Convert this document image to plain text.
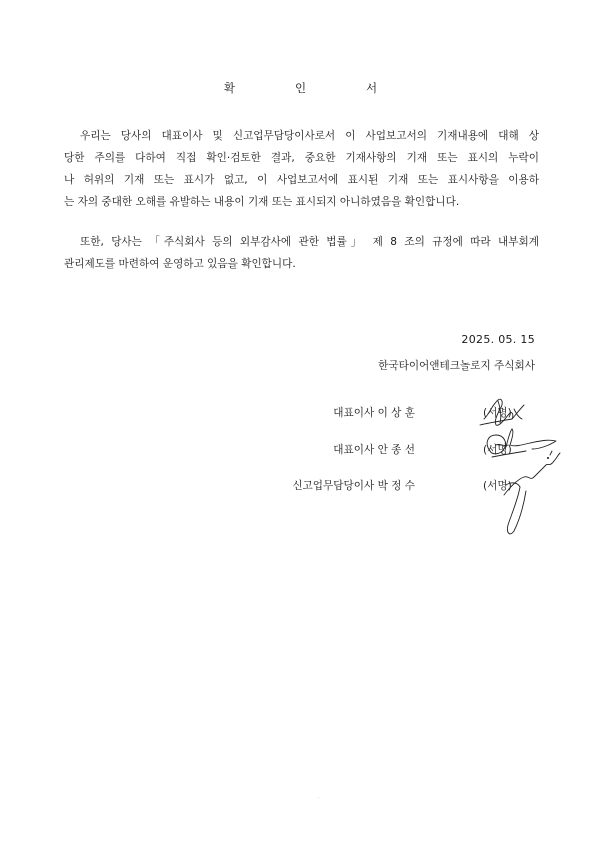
확	인	서
우리는 당사의 대표이사 및 신고업무담당이사로서 이 사업보고서의 기재내용에 대해 상
당한 주의를 다하여 직접 확인·검토한 결과, 중요한 기재사항의 기재 또는 표시의 누락이
나 허위의 기재 또는 표시가 없고, 이 사업보고서에 표시된 기재 또는 표시사항을 이용하
는 자의 중대한 오해를 유발하는 내용이 기재 또는 표시되지 아니하였음을 확인합니다.
또한, 당사는 「주식회사 등의 외부감사에 관한 법률」 제 8 조의 규정에 따라 내부회계
관리제도를 마련하여 운영하고 있음을 확인합니다.
2025. 05. 15
한국타이어앤테크놀로지 주식회사
대표이사 이 상 훈	(서명)
대표이사 안 종 선	(서명)
신고업무담당이사 박 정 수	(서명)
